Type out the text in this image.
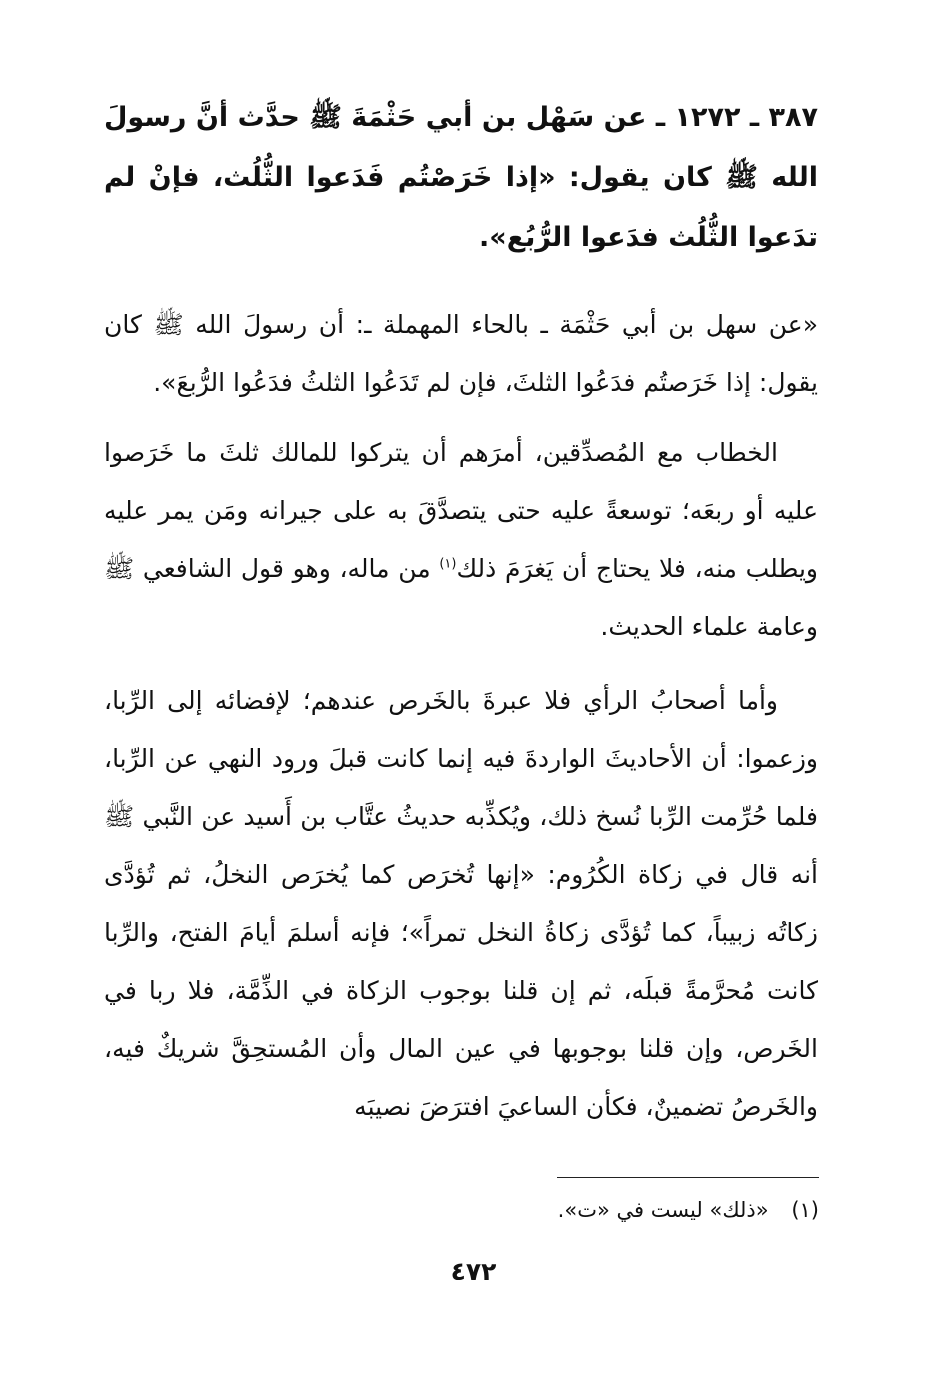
٣٨٧ ـ ١٢٧٢ ـ عن سَهْل بن أبي حَثْمَةَ ﷺ حدَّث أنَّ رسولَ الله ﷺ كان يقول: «إذا خَرَصْتُم فَدَعوا الثُّلُث، فإنْ لم تدَعوا الثُّلُث فدَعوا الرُّبُع».

«عن سهل بن أبي حَثْمَة ـ بالحاء المهملة ـ: أن رسولَ الله ﷺ كان يقول: إذا خَرَصتُم فدَعُوا الثلثَ، فإن لم تَدَعُوا الثلثُ فدَعُوا الرُّبعَ».

الخطاب مع المُصدِّقين، أمرَهم أن يتركوا للمالك ثلثَ ما خَرَصوا عليه أو ربعَه؛ توسعةً عليه حتى يتصدَّقَ به على جيرانه ومَن يمر عليه ويطلب منه، فلا يحتاج أن يَغرَمَ ذلك$^{(١)}$ من ماله، وهو قول الشافعي ﷺ وعامة علماء الحديث.

وأما أصحابُ الرأي فلا عبرةَ بالخَرص عندهم؛ لإفضائه إلى الرِّبا، وزعموا: أن الأحاديثَ الواردةَ فيه إنما كانت قبلَ ورود النهي عن الرِّبا، فلما حُرِّمت الرِّبا نُسخ ذلك، ويُكذِّبه حديثُ عتَّاب بن أَسيد عن النَّبي ﷺ أنه قال في زكاة الكُرُوم: «إنها تُخرَص كما يُخرَص النخلُ، ثم تُؤدَّى زكاتُه زبيباً، كما تُؤدَّى زكاةُ النخل تمراً»؛ فإنه أسلمَ أيامَ الفتح، والرِّبا كانت مُحرَّمةً قبلَه، ثم إن قلنا بوجوب الزكاة في الذِّمَّة، فلا ربا في الخَرص، وإن قلنا بوجوبها في عين المال وأن المُستحِقَّ شريكٌ فيه، والخَرصُ تضمينٌ، فكأن الساعيَ افترَضَ نصيبَه

(١) «ذلك» ليست في «ت».
٤٧٢
